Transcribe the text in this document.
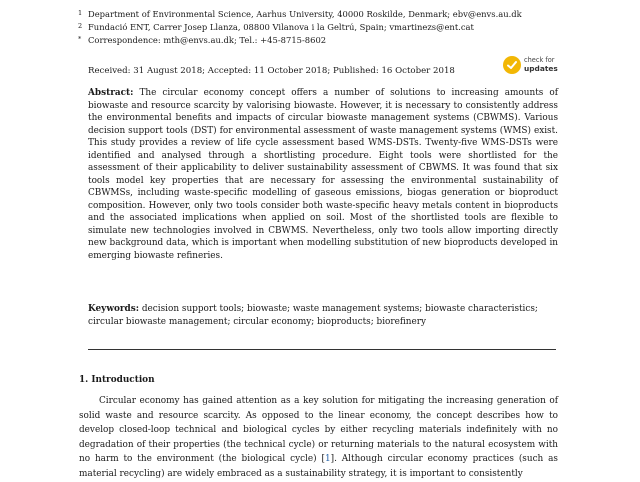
1 Department of Environmental Science, Aarhus University, 40000 Roskilde, Denmark; ebv@envs.au.dk
2 Fundació ENT, Carrer Josep Llanza, 08800 Vilanova i la Geltrú, Spain; vmartinezs@ent.cat
* Correspondence: mth@envs.au.dk; Tel.: +45-8715-8602
Received: 31 August 2018; Accepted: 11 October 2018; Published: 16 October 2018
check for
updates
Abstract: The circular economy concept offers a number of solutions to increasing amounts of biowaste and resource scarcity by valorising biowaste. However, it is necessary to consistently address the environmental benefits and impacts of circular biowaste management systems (CBWMS). Various decision support tools (DST) for environmental assessment of waste management systems (WMS) exist. This study provides a review of life cycle assessment based WMS-DSTs. Twenty-five WMS-DSTs were identified and analysed through a shortlisting procedure. Eight tools were shortlisted for the assessment of their applicability to deliver sustainability assessment of CBWMS. It was found that six tools model key properties that are necessary for assessing the environmental sustainability of CBWMSs, including waste-specific modelling of gaseous emissions, biogas generation or bioproduct composition. However, only two tools consider both waste-specific heavy metals content in bioproducts and the associated implications when applied on soil. Most of the shortlisted tools are flexible to simulate new technologies involved in CBWMS. Nevertheless, only two tools allow importing directly new background data, which is important when modelling substitution of new bioproducts developed in emerging biowaste refineries.
Keywords: decision support tools; biowaste; waste management systems; biowaste characteristics; circular biowaste management; circular economy; bioproducts; biorefinery
1. Introduction
Circular economy has gained attention as a key solution for mitigating the increasing generation of solid waste and resource scarcity. As opposed to the linear economy, the concept describes how to develop closed-loop technical and biological cycles by either recycling materials indefinitely with no degradation of their properties (the technical cycle) or returning materials to the natural ecosystem with no harm to the environment (the biological cycle) [1]. Although circular economy practices (such as material recycling) are widely embraced as a sustainability strategy, it is important to consistently
